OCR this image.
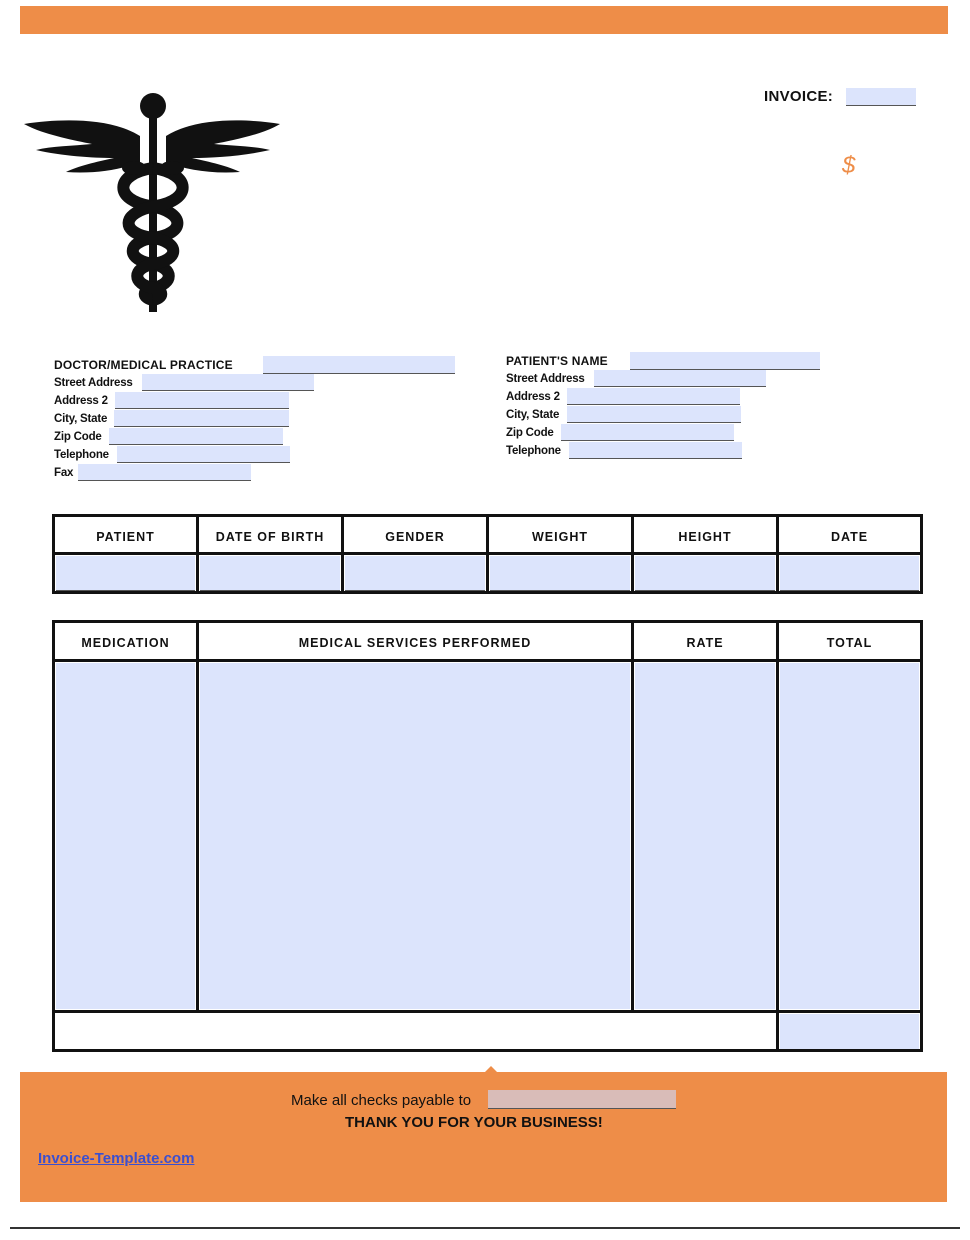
INVOICE:
$
DOCTOR/MEDICAL PRACTICE
Street Address
Address 2
City, State
Zip Code
Telephone
Fax
PATIENT'S NAME
Street Address
Address 2
City, State
Zip Code
Telephone
PATIENT	DATE OF BIRTH	GENDER	WEIGHT	HEIGHT	DATE
MEDICATION	MEDICAL SERVICES PERFORMED	RATE	TOTAL
Make all checks payable to
THANK YOU FOR YOUR BUSINESS!
Invoice-Template.com
